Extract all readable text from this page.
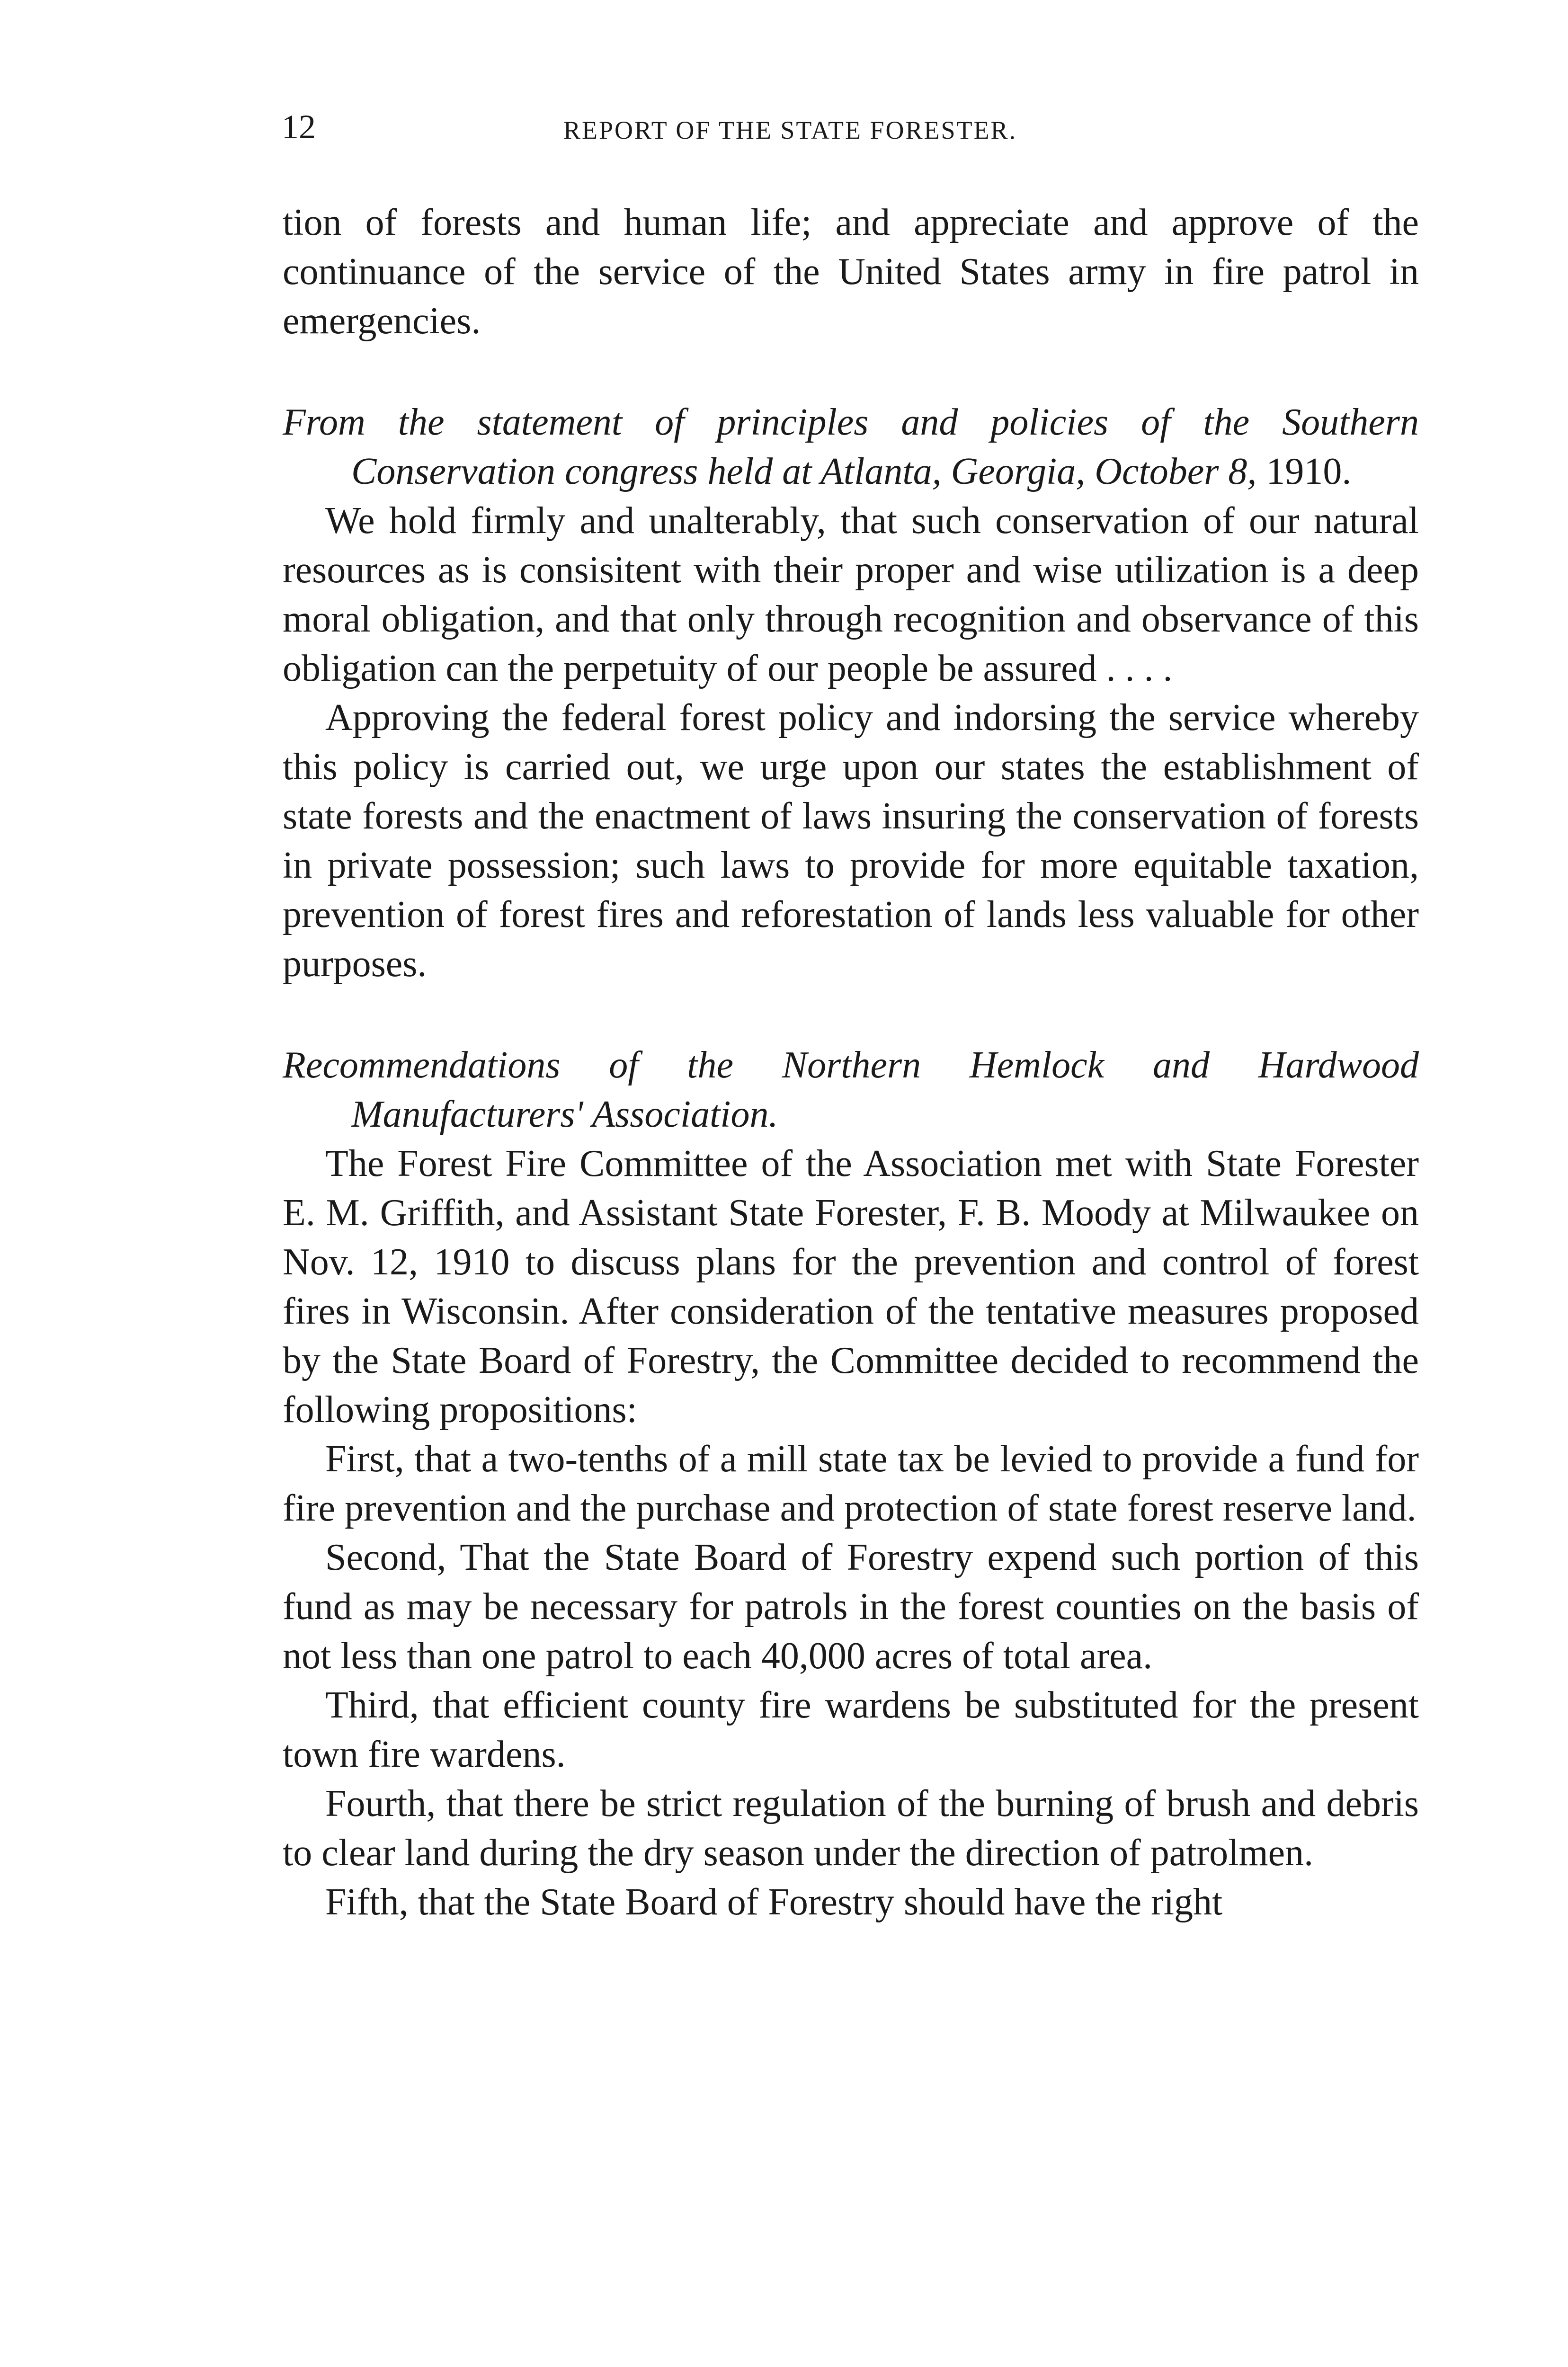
12	REPORT OF THE STATE FORESTER.

tion of forests and human life; and appreciate and approve of the continuance of the service of the United States army in fire patrol in emergencies.

From the statement of principles and policies of the Southern Conservation congress held at Atlanta, Georgia, October 8, 1910.

We hold firmly and unalterably, that such conservation of our natural resources as is consisitent with their proper and wise utilization is a deep moral obligation, and that only through recognition and observance of this obligation can the perpetuity of our people be assured . . . .

Approving the federal forest policy and indorsing the service whereby this policy is carried out, we urge upon our states the establishment of state forests and the enactment of laws insuring the conservation of forests in private possession; such laws to provide for more equitable taxation, prevention of forest fires and reforestation of lands less valuable for other purposes.

Recommendations of the Northern Hemlock and Hardwood Manufacturers' Association.

The Forest Fire Committee of the Association met with State Forester E. M. Griffith, and Assistant State Forester, F. B. Moody at Milwaukee on Nov. 12, 1910 to discuss plans for the prevention and control of forest fires in Wisconsin. After consideration of the tentative measures proposed by the State Board of Forestry, the Committee decided to recommend the following propositions:

First, that a two-tenths of a mill state tax be levied to provide a fund for fire prevention and the purchase and protection of state forest reserve land.

Second, That the State Board of Forestry expend such portion of this fund as may be necessary for patrols in the forest counties on the basis of not less than one patrol to each 40,000 acres of total area.

Third, that efficient county fire wardens be substituted for the present town fire wardens.

Fourth, that there be strict regulation of the burning of brush and debris to clear land during the dry season under the direction of patrolmen.

Fifth, that the State Board of Forestry should have the right
